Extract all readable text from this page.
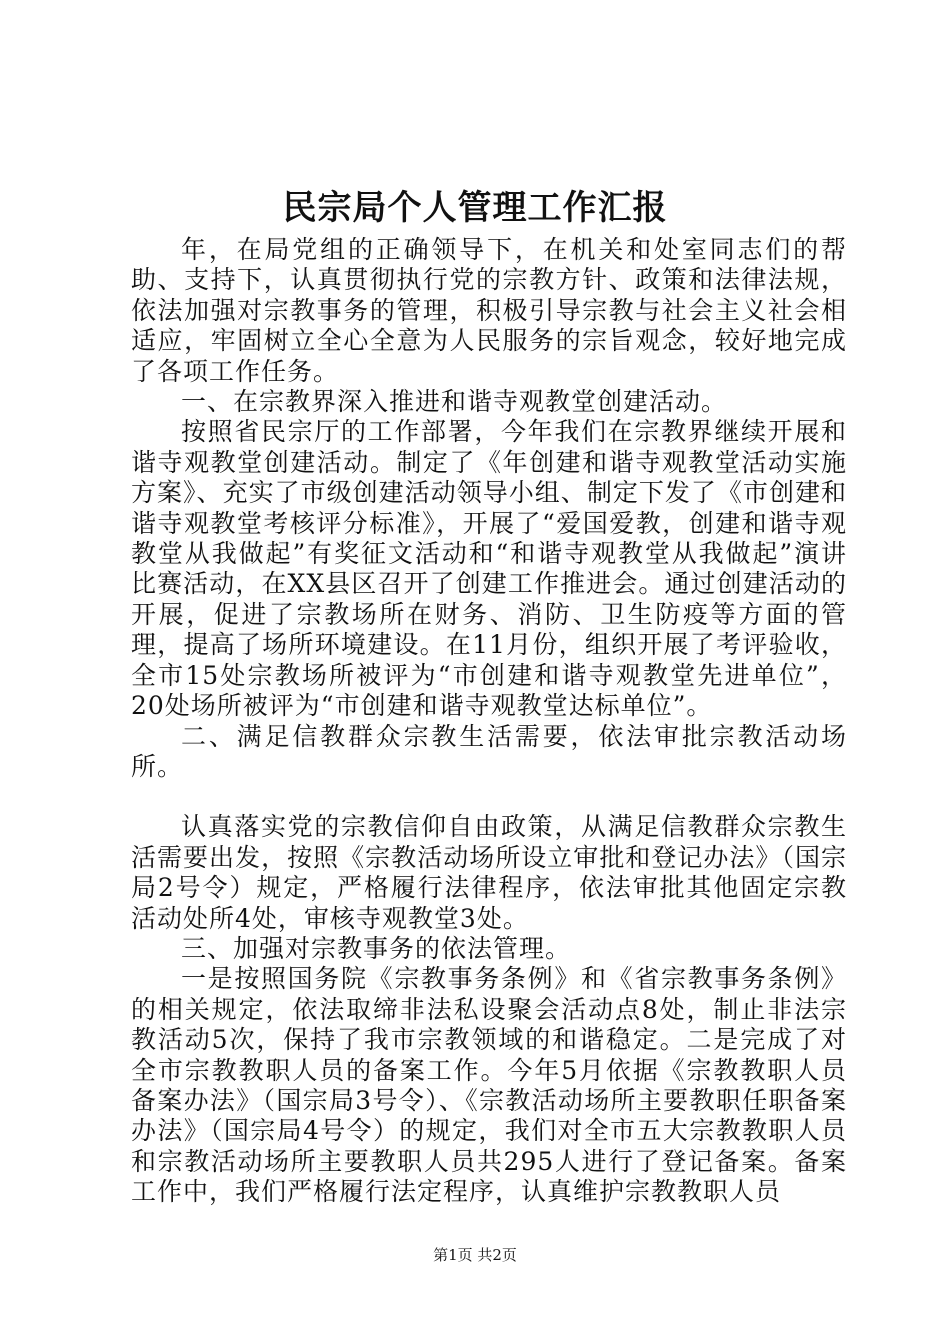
民宗局个人管理工作汇报

年，在局党组的正确领导下，在机关和处室同志们的帮助、支持下，认真贯彻执行党的宗教方针、政策和法律法规，依法加强对宗教事务的管理，积极引导宗教与社会主义社会相适应，牢固树立全心全意为人民服务的宗旨观念，较好地完成了各项工作任务。

一、在宗教界深入推进和谐寺观教堂创建活动。

按照省民宗厅的工作部署，今年我们在宗教界继续开展和谐寺观教堂创建活动。制定了《年创建和谐寺观教堂活动实施方案》、充实了市级创建活动领导小组、制定下发了《市创建和谐寺观教堂考核评分标准》，开展了“爱国爱教，创建和谐寺观教堂从我做起”有奖征文活动和“和谐寺观教堂从我做起”演讲比赛活动，在XX县区召开了创建工作推进会。通过创建活动的开展，促进了宗教场所在财务、消防、卫生防疫等方面的管理，提高了场所环境建设。在11月份，组织开展了考评验收，全市15处宗教场所被评为“市创建和谐寺观教堂先进单位”，20处场所被评为“市创建和谐寺观教堂达标单位”。

二、满足信教群众宗教生活需要，依法审批宗教活动场所。

认真落实党的宗教信仰自由政策，从满足信教群众宗教生活需要出发，按照《宗教活动场所设立审批和登记办法》（国宗局2号令）规定，严格履行法律程序，依法审批其他固定宗教活动处所4处，审核寺观教堂3处。

三、加强对宗教事务的依法管理。

一是按照国务院《宗教事务条例》和《省宗教事务条例》的相关规定，依法取缔非法私设聚会活动点8处，制止非法宗教活动5次，保持了我市宗教领域的和谐稳定。二是完成了对全市宗教教职人员的备案工作。今年5月依据《宗教教职人员备案办法》（国宗局3号令）、《宗教活动场所主要教职任职备案办法》（国宗局4号令）的规定，我们对全市五大宗教教职人员和宗教活动场所主要教职人员共295人进行了登记备案。备案工作中，我们严格履行法定程序，认真维护宗教教职人员

第1页 共2页
